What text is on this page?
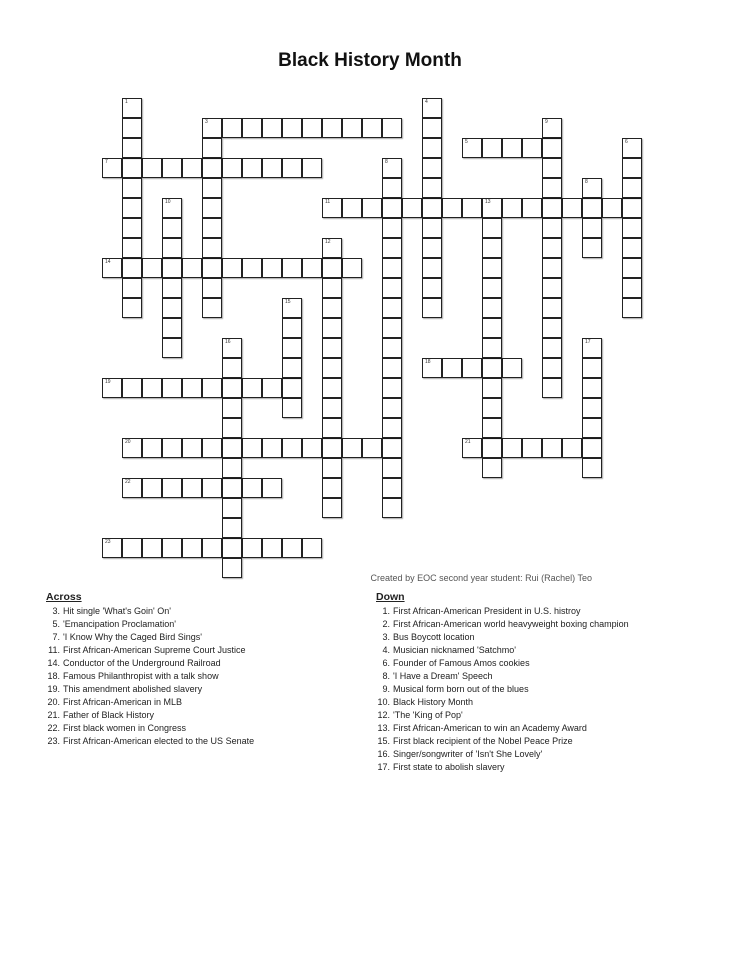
Black History Month
3
5
7
11	13
14
18
19
20	21
22
23
1	4
9
6
8
8
10
12
15
16	17
Created by EOC second year student: Rui (Rachel) Teo
Across
3. Hit single 'What's Goin' On'
5. 'Emancipation Proclamation'
7. 'I Know Why the Caged Bird Sings'
11. First African-American Supreme Court Justice
14. Conductor of the Underground Railroad
18. Famous Philanthropist with a talk show
19. This amendment abolished slavery
20. First African-American in MLB
21. Father of Black History
22. First black women in Congress
23. First African-American elected to the US Senate
Down
1. First African-American President in U.S. histroy
2. First African-American world heavyweight boxing champion
3. Bus Boycott location
4. Musician nicknamed 'Satchmo'
6. Founder of Famous Amos cookies
8. 'I Have a Dream' Speech
9. Musical form born out of the blues
10. Black History Month
12. 'The 'King of Pop'
13. First African-American to win an Academy Award
15. First black recipient of the Nobel Peace Prize
16. Singer/songwriter of 'Isn't She Lovely'
17. First state to abolish slavery
